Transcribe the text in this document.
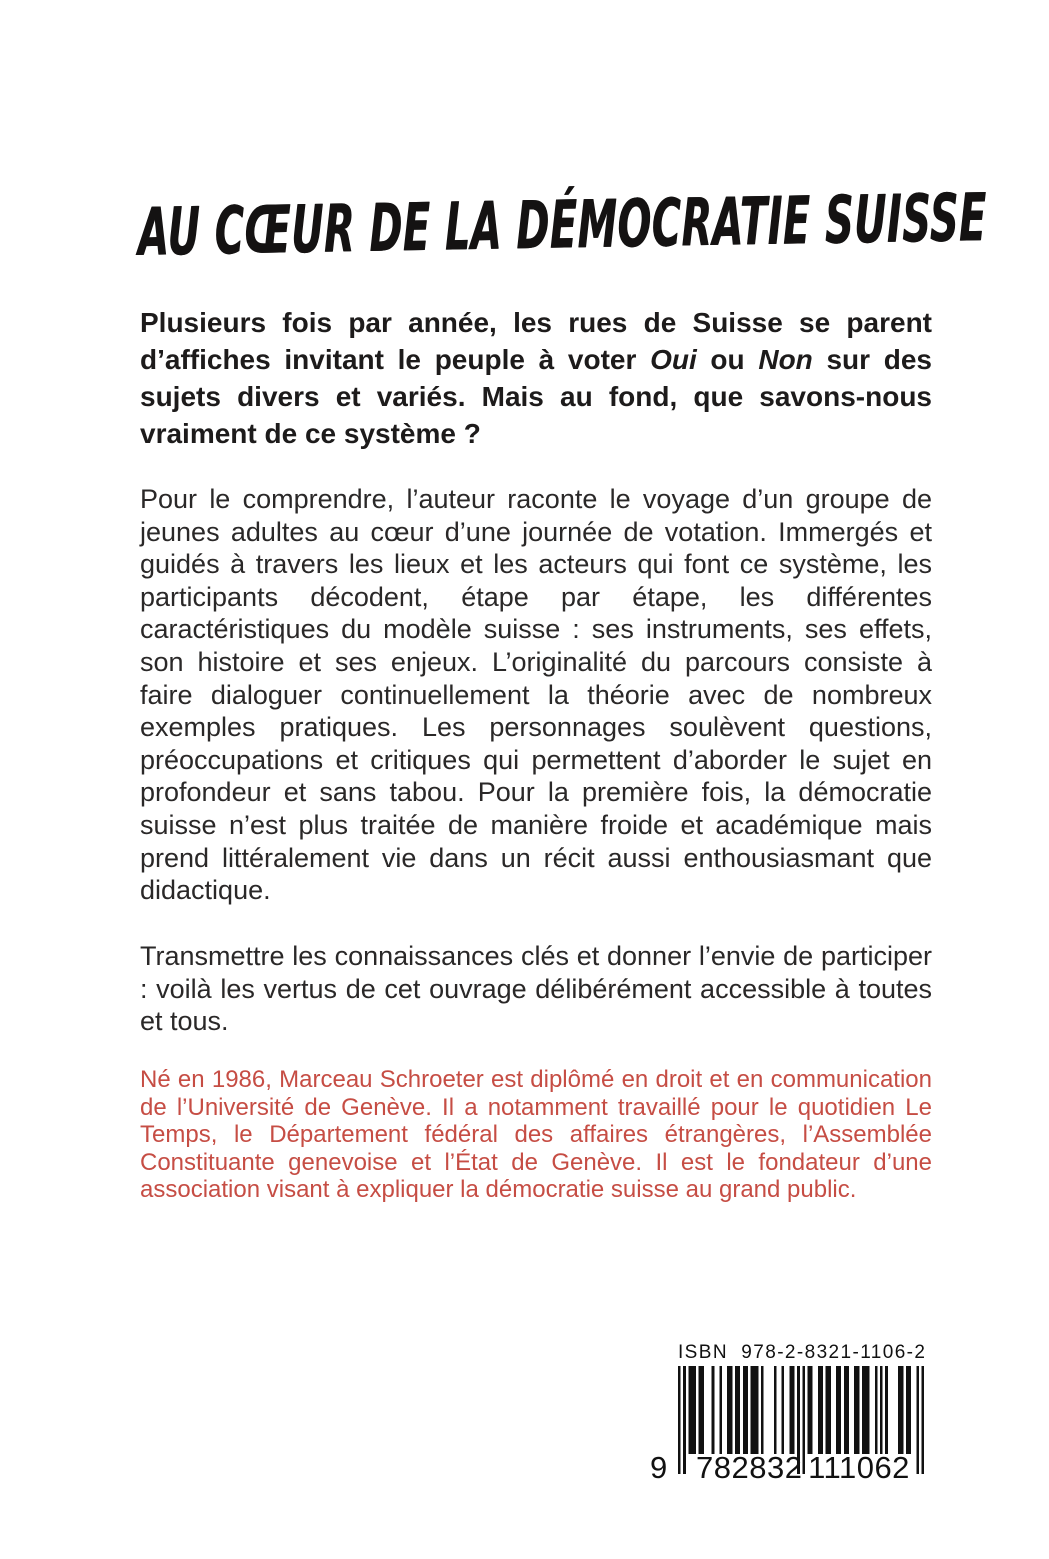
AU CŒUR DE LA DÉMOCRATIE SUISSE

Plusieurs fois par année, les rues de Suisse se parent d’affiches invitant le peuple à voter Oui ou Non sur des sujets divers et variés. Mais au fond, que savons-nous vraiment de ce système ?

Pour le comprendre, l’auteur raconte le voyage d’un groupe de jeunes adultes au cœur d’une journée de votation. Immergés et guidés à travers les lieux et les acteurs qui font ce système, les participants décodent, étape par étape, les différentes caractéristiques du modèle suisse : ses instruments, ses effets, son histoire et ses enjeux. L’originalité du parcours consiste à faire dialoguer continuellement la théorie avec de nombreux exemples pratiques. Les personnages soulèvent questions, préoccupations et critiques qui permettent d’aborder le sujet en profondeur et sans tabou. Pour la première fois, la démocratie suisse n’est plus traitée de manière froide et académique mais prend littéralement vie dans un récit aussi enthousiasmant que didactique.

Transmettre les connaissances clés et donner l’envie de participer : voilà les vertus de cet ouvrage délibérément accessible à toutes et tous.

Né en 1986, Marceau Schroeter est diplômé en droit et en communication de l’Université de Genève. Il a notamment travaillé pour le quotidien Le Temps, le Département fédéral des affaires étrangères, l’Assemblée Constituante genevoise et l’État de Genève. Il est le fondateur d’une association visant à expliquer la démocratie suisse au grand public.

ISBN  978-2-8321-1106-2
9 782832 111062
